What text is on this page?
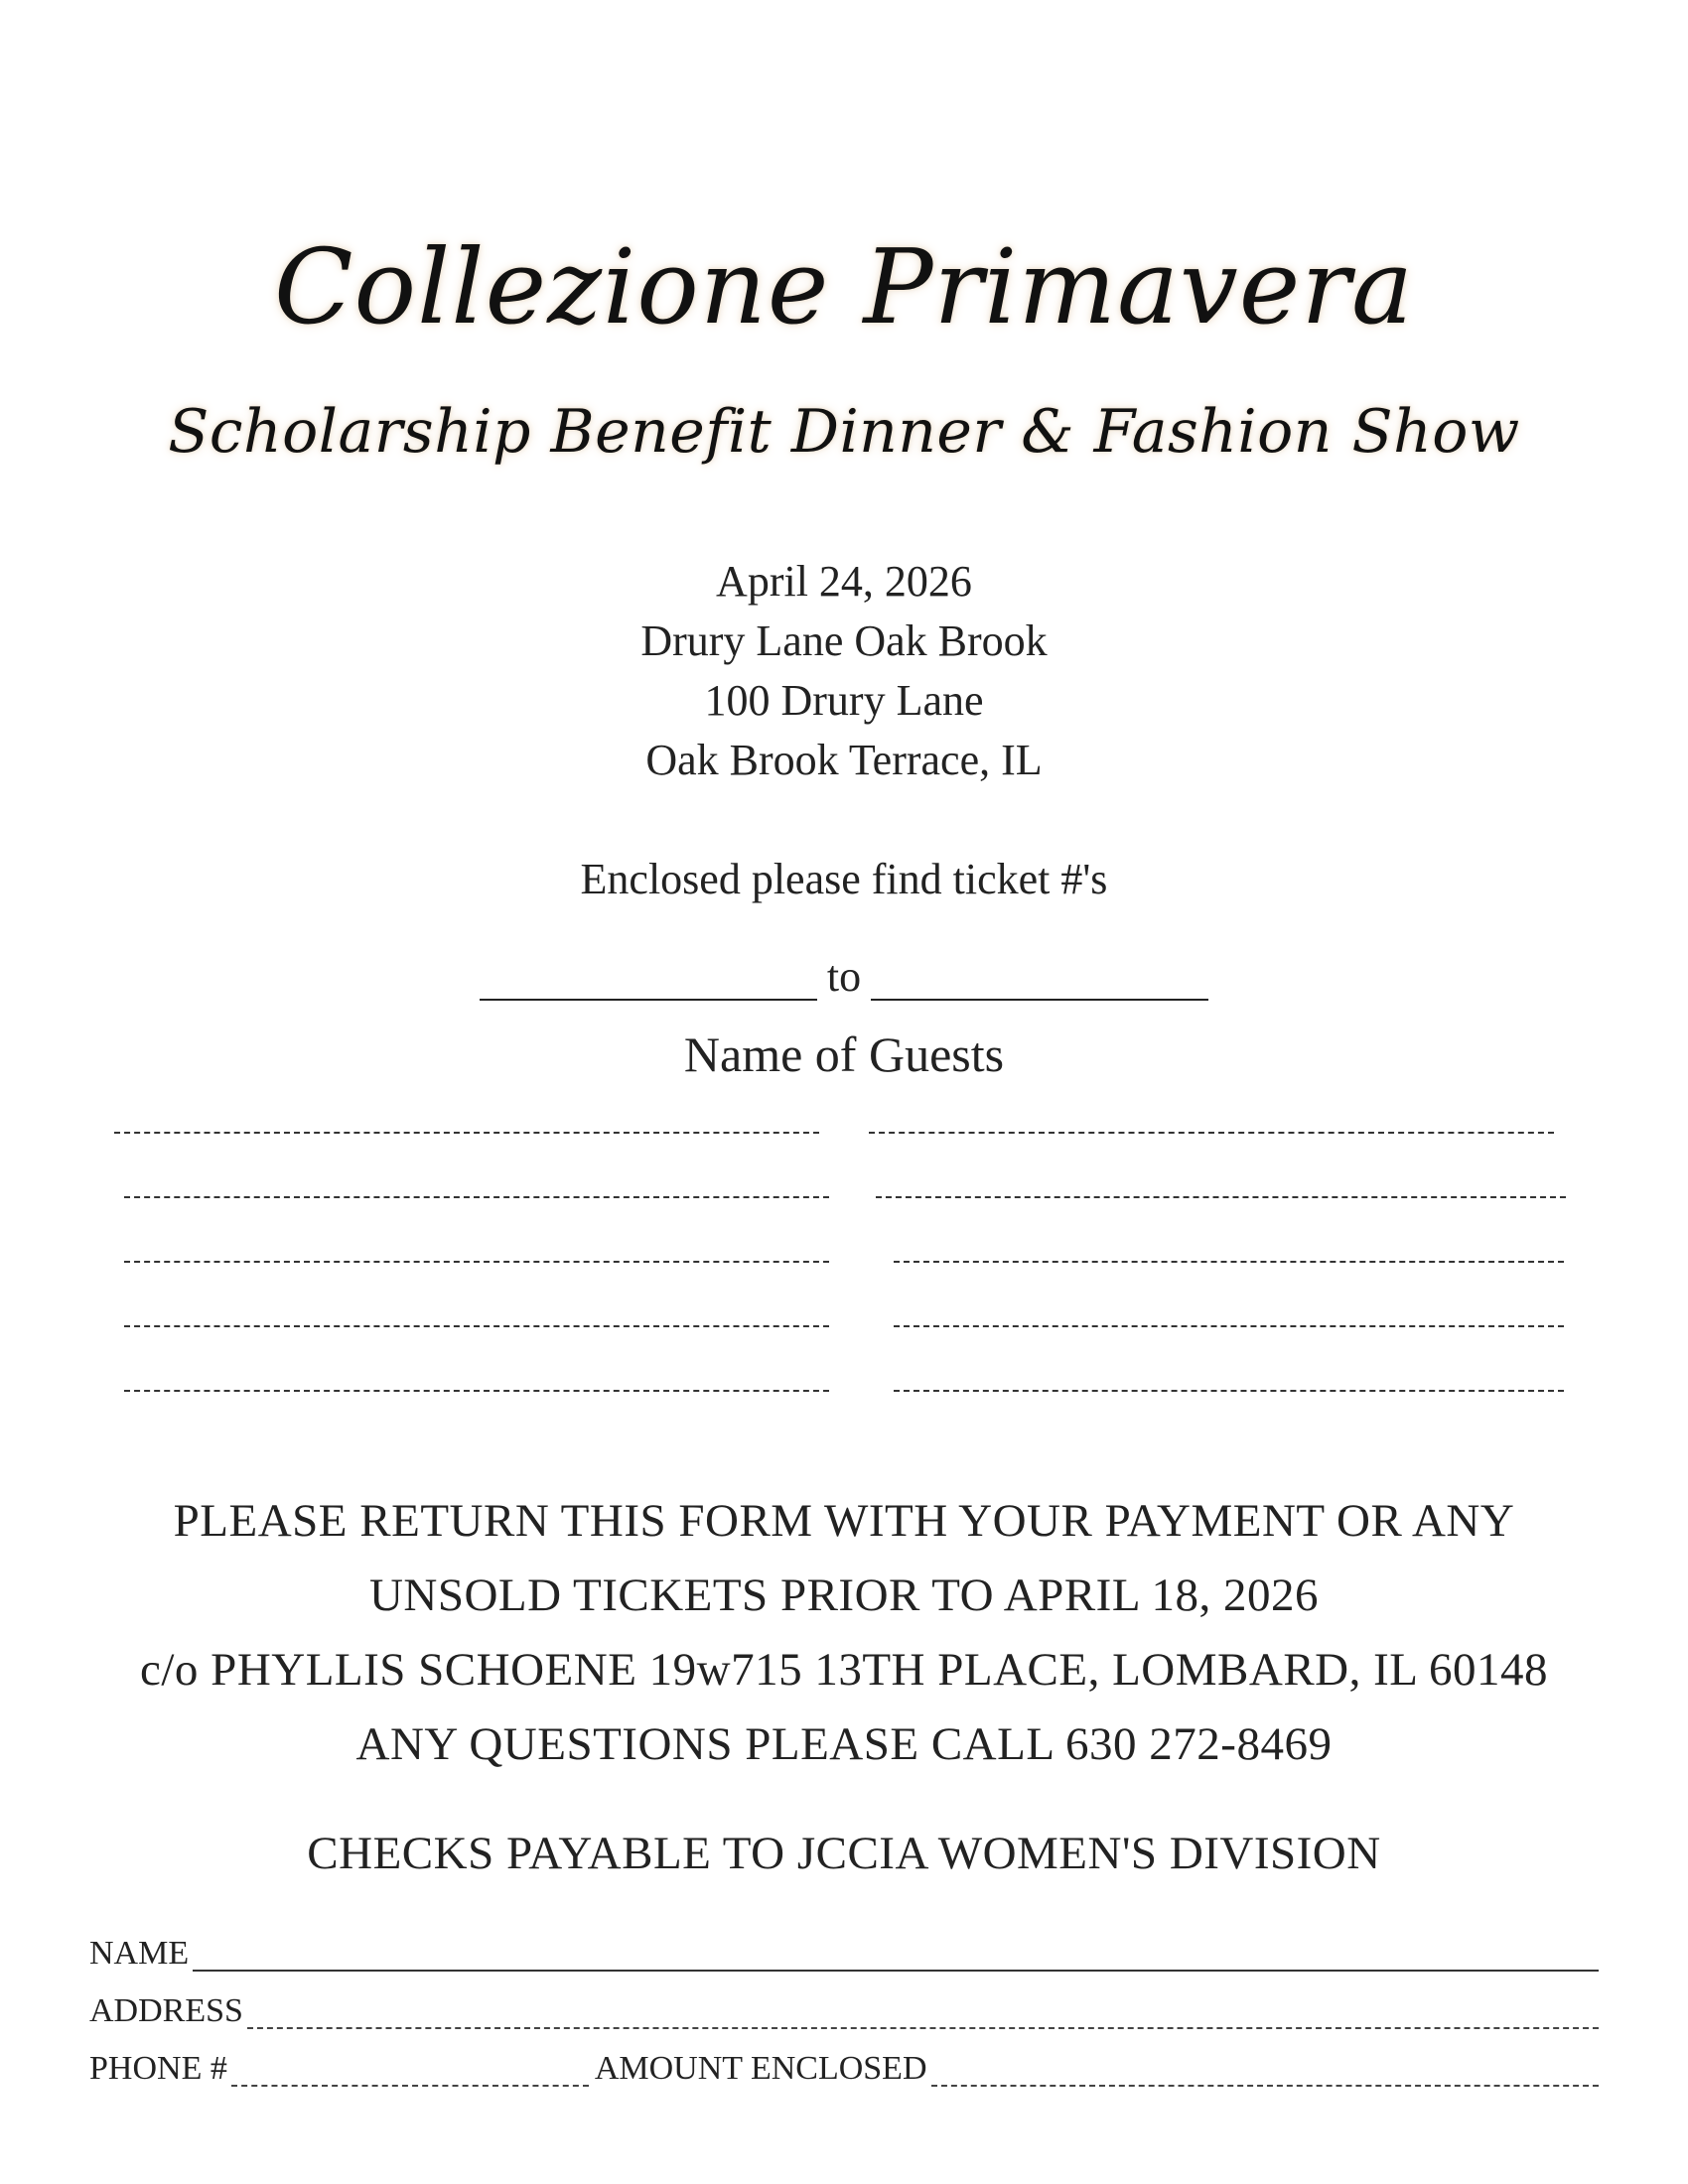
Collezione Primavera
Scholarship Benefit Dinner & Fashion Show
April 24, 2026
Drury Lane Oak Brook
100 Drury Lane
Oak Brook Terrace, IL
Enclosed please find ticket #'s
to
Name of Guests
PLEASE RETURN THIS FORM WITH YOUR PAYMENT OR ANY
UNSOLD TICKETS PRIOR TO APRIL 18, 2026
c/o PHYLLIS SCHOENE 19w715 13TH PLACE, LOMBARD, IL 60148
ANY QUESTIONS PLEASE CALL 630 272-8469
CHECKS PAYABLE TO JCCIA WOMEN'S DIVISION
NAME
ADDRESS
PHONE #	AMOUNT ENCLOSED
